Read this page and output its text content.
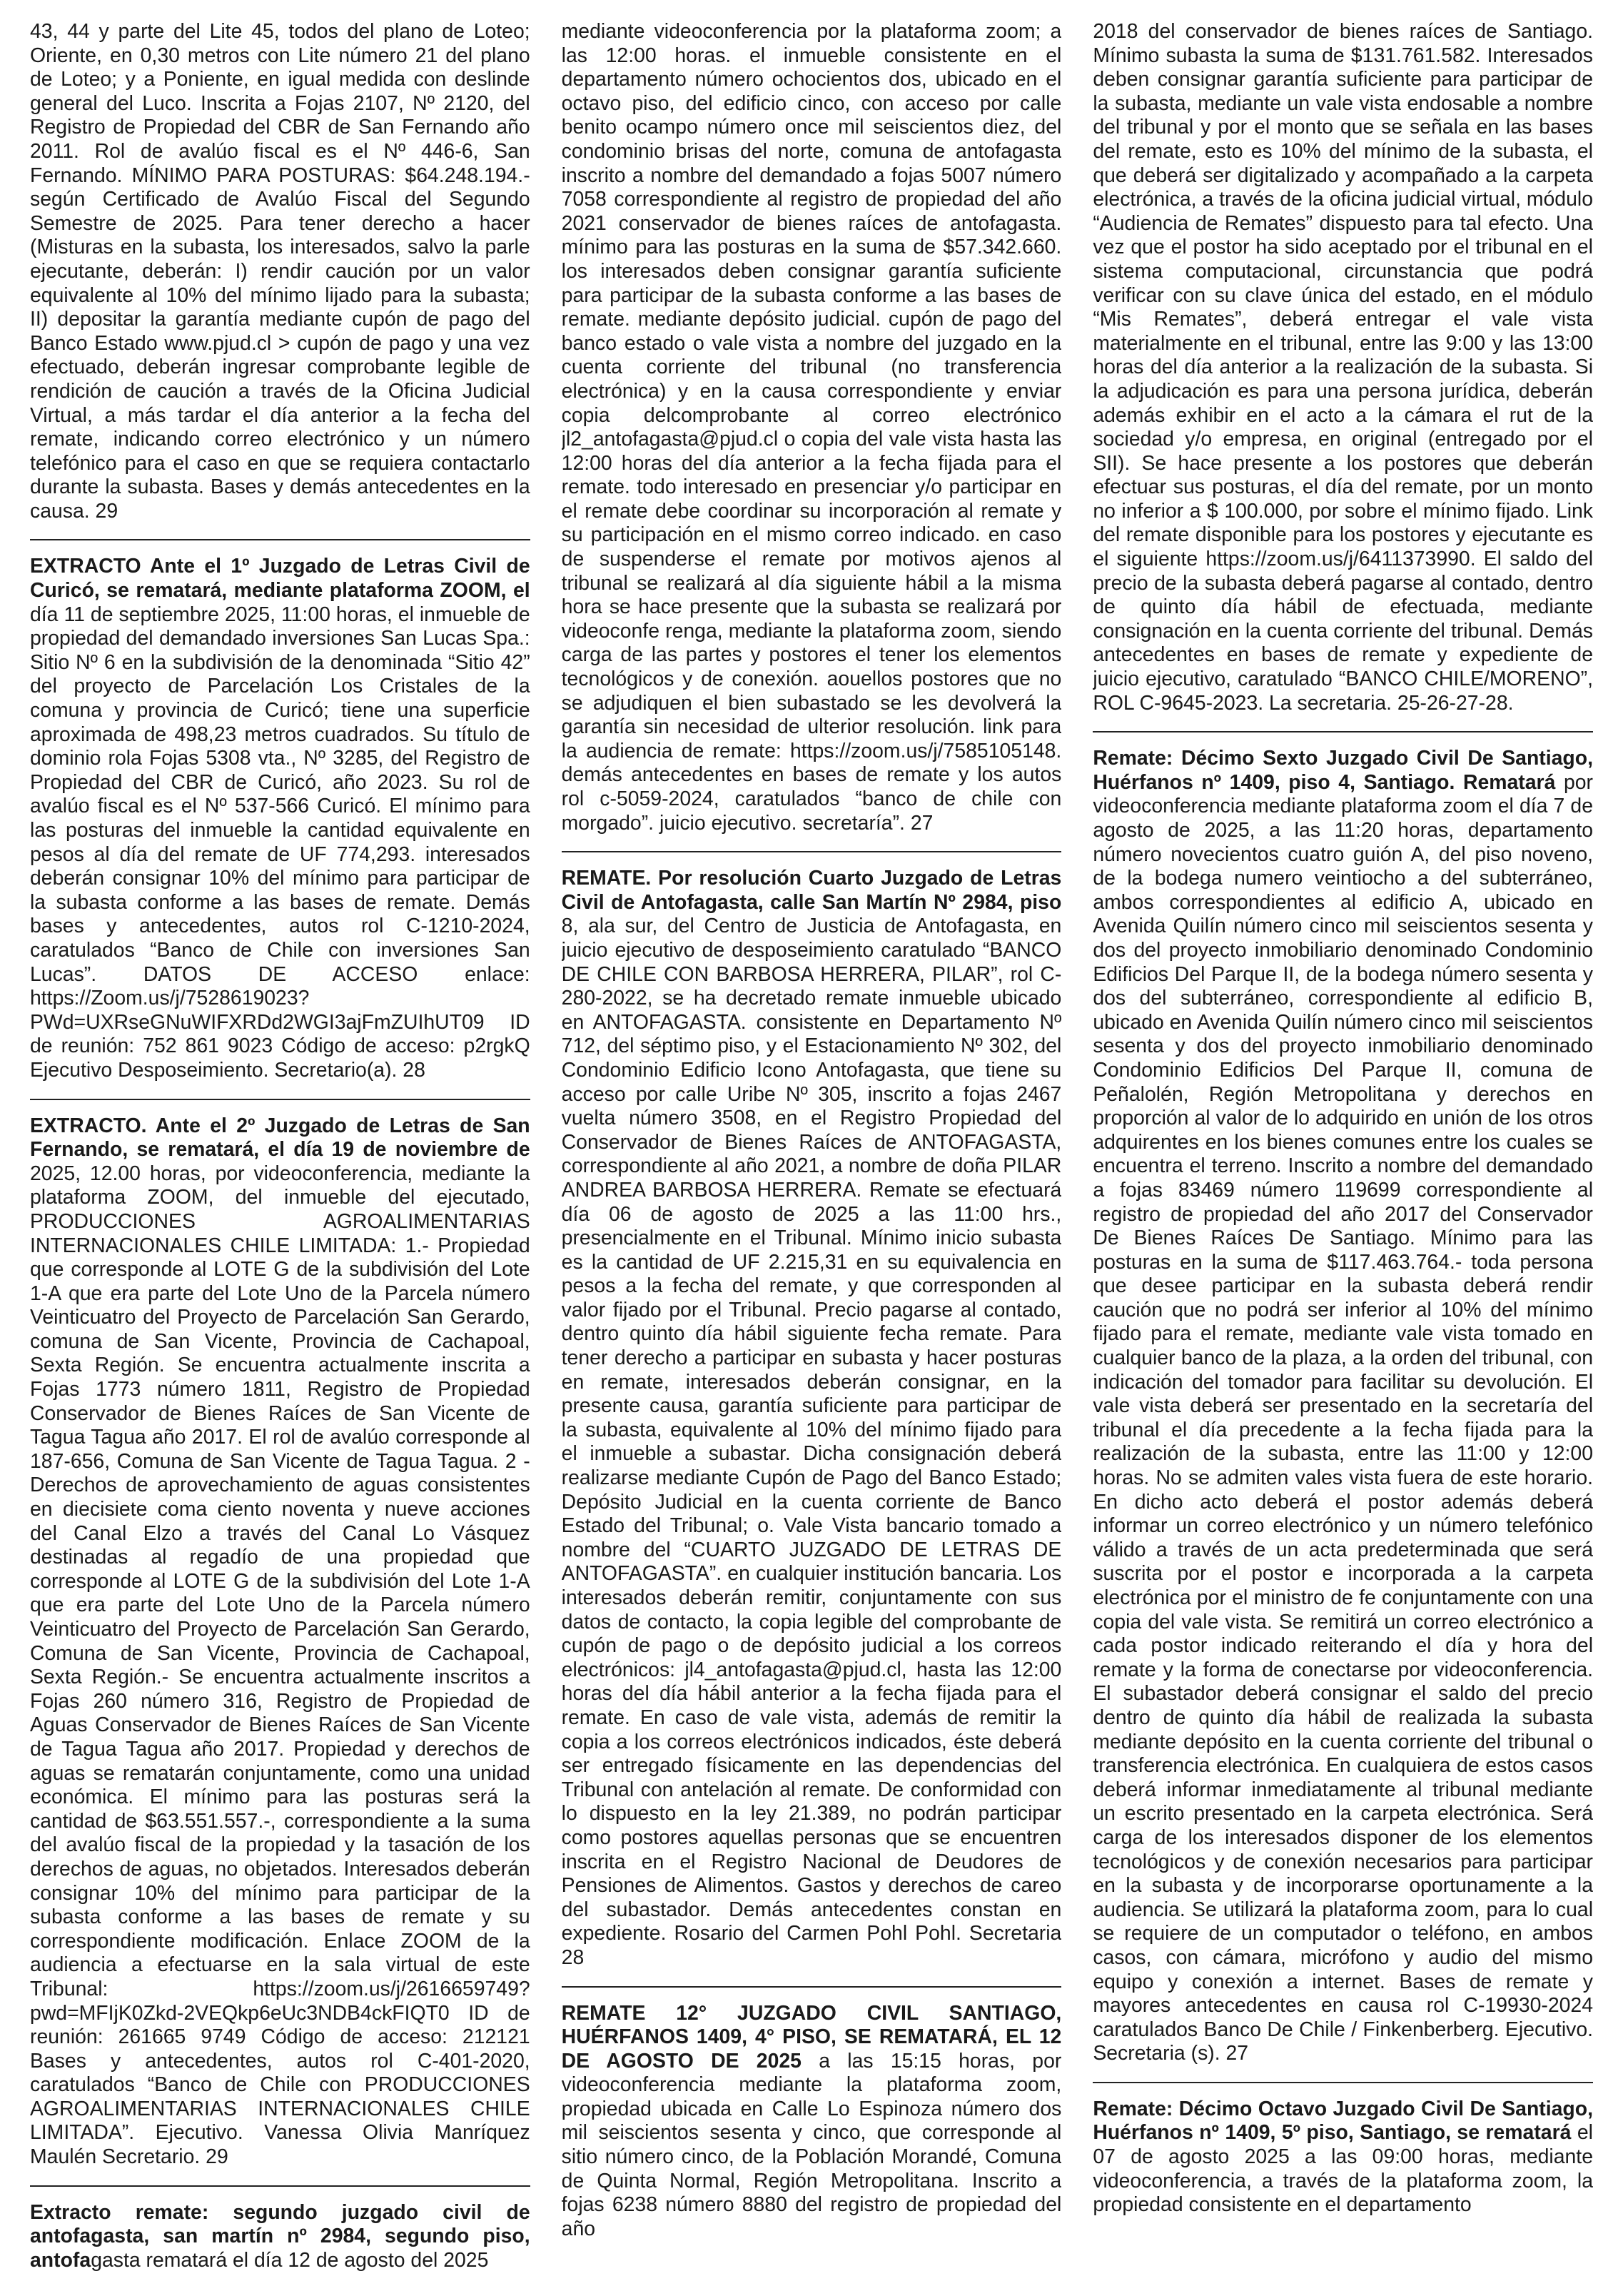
43, 44 y parte del Lite 45, todos del plano de Loteo; Oriente, en 0,30 metros con Lite número 21 del plano de Loteo; y a Poniente, en igual medida con deslinde general del Luco. Inscrita a Fojas 2107, Nº 2120, del Registro de Propiedad del CBR de San Fernando año 2011. Rol de avalúo fiscal es el Nº 446-6, San Fernando. MÍNIMO PARA POSTURAS: $64.248.194.- según Certificado de Avalúo Fiscal del Segundo Semestre de 2025. Para tener derecho a hacer (Misturas en la subasta, los interesados, salvo la parle ejecutante, deberán: I) rendir caución por un valor equivalente al 10% del mínimo lijado para la subasta; II) depositar la garantía mediante cupón de pago del Banco Estado www.pjud.cl > cupón de pago y una vez efectuado, deberán ingresar comprobante legible de rendición de caución a través de la Oficina Judicial Virtual, a más tardar el día anterior a la fecha del remate, indicando correo electrónico y un número telefónico para el caso en que se requiera contactarlo durante la subasta. Bases y demás antecedentes en la causa. 29

EXTRACTO Ante el 1º Juzgado de Letras Civil de Curicó, se rematará, mediante plataforma ZOOM, el día 11 de septiembre 2025, 11:00 horas, el inmueble de propiedad del demandado inversiones San Lucas Spa.: Sitio Nº 6 en la subdivisión de la denominada “Sitio 42” del proyecto de Parcelación Los Cristales de la comuna y provincia de Curicó; tiene una superficie aproximada de 498,23 metros cuadrados. Su título de dominio rola Fojas 5308 vta., Nº 3285, del Registro de Propiedad del CBR de Curicó, año 2023. Su rol de avalúo fiscal es el Nº 537-566 Curicó. El mínimo para las posturas del inmueble la cantidad equivalente en pesos al día del remate de UF 774,293. interesados deberán consignar 10% del mínimo para participar de la subasta conforme a las bases de remate. Demás bases y antecedentes, autos rol C-1210-2024, caratulados “Banco de Chile con inversiones San Lucas”. DATOS DE ACCESO enlace: https://Zoom.us/j/7528619023?PWd=UXRseGNuWIFXRDd2WGI3ajFmZUIhUT09 ID de reunión: 752 861 9023 Código de acceso: p2rgkQ Ejecutivo Desposeimiento. Secretario(a). 28

EXTRACTO. Ante el 2º Juzgado de Letras de San Fernando, se rematará, el día 19 de noviembre de 2025, 12.00 horas, por videoconferencia, mediante la plataforma ZOOM, del inmueble del ejecutado, PRODUCCIONES AGROALIMENTARIAS INTERNACIONALES CHILE LIMITADA: 1.- Propiedad que corresponde al LOTE G de la subdivisión del Lote 1-A que era parte del Lote Uno de la Parcela número Veinticuatro del Proyecto de Parcelación San Gerardo, comuna de San Vicente, Provincia de Cachapoal, Sexta Región. Se encuentra actualmente inscrita a Fojas 1773 número 1811, Registro de Propiedad Conservador de Bienes Raíces de San Vicente de Tagua Tagua año 2017. El rol de avalúo corresponde al 187-656, Comuna de San Vicente de Tagua Tagua. 2 - Derechos de aprovechamiento de aguas consistentes en diecisiete coma ciento noventa y nueve acciones del Canal Elzo a través del Canal Lo Vásquez destinadas al regadío de una propiedad que corresponde al LOTE G de la subdivisión del Lote 1-A que era parte del Lote Uno de la Parcela número Veinticuatro del Proyecto de Parcelación San Gerardo, Comuna de San Vicente, Provincia de Cachapoal, Sexta Región.- Se encuentra actualmente inscritos a Fojas 260 número 316, Registro de Propiedad de Aguas Conservador de Bienes Raíces de San Vicente de Tagua Tagua año 2017. Propiedad y derechos de aguas se rematarán conjuntamente, como una unidad económica. El mínimo para las posturas será la cantidad de $63.551.557.-, correspondiente a la suma del avalúo fiscal de la propiedad y la tasación de los derechos de aguas, no objetados. Interesados deberán consignar 10% del mínimo para participar de la subasta conforme a las bases de remate y su correspondiente modificación. Enlace ZOOM de la audiencia a efectuarse en la sala virtual de este Tribunal: https://zoom.us/j/2616659749?pwd=MFIjK0Zkd-2VEQkp6eUc3NDB4ckFIQT0 ID de reunión: 261665 9749 Código de acceso: 212121 Bases y antecedentes, autos rol C-401-2020, caratulados “Banco de Chile con PRODUCCIONES AGROALIMENTARIAS INTERNACIONALES CHILE LIMITADA”. Ejecutivo. Vanessa Olivia Manríquez Maulén Secretario. 29

Extracto remate: segundo juzgado civil de antofagasta, san martín nº 2984, segundo piso, antofagasta rematará el día 12 de agosto del 2025

mediante videoconferencia por la plataforma zoom; a las 12:00 horas. el inmueble consistente en el departamento número ochocientos dos, ubicado en el octavo piso, del edificio cinco, con acceso por calle benito ocampo número once mil seiscientos diez, del condominio brisas del norte, comuna de antofagasta inscrito a nombre del demandado a fojas 5007 número 7058 correspondiente al registro de propiedad del año 2021 conservador de bienes raíces de antofagasta. mínimo para las posturas en la suma de $57.342.660. los interesados deben consignar garantía suficiente para participar de la subasta conforme a las bases de remate. mediante depósito judicial. cupón de pago del banco estado o vale vista a nombre del juzgado en la cuenta corriente del tribunal (no transferencia electrónica) y en la causa correspondiente y enviar copia delcomprobante al correo electrónico jl2_antofagasta@pjud.cl o copia del vale vista hasta las 12:00 horas del día anterior a la fecha fijada para el remate. todo interesado en presenciar y/o participar en el remate debe coordinar su incorporación al remate y su participación en el mismo correo indicado. en caso de suspenderse el remate por motivos ajenos al tribunal se realizará al día siguiente hábil a la misma hora se hace presente que la subasta se realizará por videoconfe renga, mediante la plataforma zoom, siendo carga de las partes y postores el tener los elementos tecnológicos y de conexión. aouellos postores que no se adjudiquen el bien subastado se les devolverá la garantía sin necesidad de ulterior resolución. link para la audiencia de remate: https://zoom.us/j/7585105148. demás antecedentes en bases de remate y los autos rol c-5059-2024, caratulados “banco de chile con morgado”. juicio ejecutivo. secretaría”. 27

REMATE. Por resolución Cuarto Juzgado de Letras Civil de Antofagasta, calle San Martín Nº 2984, piso 8, ala sur, del Centro de Justicia de Antofagasta, en juicio ejecutivo de desposeimiento caratulado “BANCO DE CHILE CON BARBOSA HERRERA, PILAR”, rol C-280-2022, se ha decretado remate inmueble ubicado en ANTOFAGASTA. consistente en Departamento Nº 712, del séptimo piso, y el Estacionamiento Nº 302, del Condominio Edificio Icono Antofagasta, que tiene su acceso por calle Uribe Nº 305, inscrito a fojas 2467 vuelta número 3508, en el Registro Propiedad del Conservador de Bienes Raíces de ANTOFAGASTA, correspondiente al año 2021, a nombre de doña PILAR ANDREA BARBOSA HERRERA. Remate se efectuará día 06 de agosto de 2025 a las 11:00 hrs., presencialmente en el Tribunal. Mínimo inicio subasta es la cantidad de UF 2.215,31 en su equivalencia en pesos a la fecha del remate, y que corresponden al valor fijado por el Tribunal. Precio pagarse al contado, dentro quinto día hábil siguiente fecha remate. Para tener derecho a participar en subasta y hacer posturas en remate, interesados deberán consignar, en la presente causa, garantía suficiente para participar de la subasta, equivalente al 10% del mínimo fijado para el inmueble a subastar. Dicha consignación deberá realizarse mediante Cupón de Pago del Banco Estado; Depósito Judicial en la cuenta corriente de Banco Estado del Tribunal; o. Vale Vista bancario tomado a nombre del “CUARTO JUZGADO DE LETRAS DE ANTOFAGASTA”. en cualquier institución bancaria. Los interesados deberán remitir, conjuntamente con sus datos de contacto, la copia legible del comprobante de cupón de pago o de depósito judicial a los correos electrónicos: jl4_antofagasta@pjud.cl, hasta las 12:00 horas del día hábil anterior a la fecha fijada para el remate. En caso de vale vista, además de remitir la copia a los correos electrónicos indicados, éste deberá ser entregado físicamente en las dependencias del Tribunal con antelación al remate. De conformidad con lo dispuesto en la ley 21.389, no podrán participar como postores aquellas personas que se encuentren inscrita en el Registro Nacional de Deudores de Pensiones de Alimentos. Gastos y derechos de careo del subastador. Demás antecedentes constan en expediente. Rosario del Carmen Pohl Pohl. Secretaria 28

REMATE 12° JUZGADO CIVIL SANTIAGO, HUÉRFANOS 1409, 4° PISO, SE REMATARÁ, EL 12 DE AGOSTO DE 2025 a las 15:15 horas, por videoconferencia mediante la plataforma zoom, propiedad ubicada en Calle Lo Espinoza número dos mil seiscientos sesenta y cinco, que corresponde al sitio número cinco, de la Población Morandé, Comuna de Quinta Normal, Región Metropolitana. Inscrito a fojas 6238 número 8880 del registro de propiedad del año

2018 del conservador de bienes raíces de Santiago. Mínimo subasta la suma de $131.761.582. Interesados deben consignar garantía suficiente para participar de la subasta, mediante un vale vista endosable a nombre del tribunal y por el monto que se señala en las bases del remate, esto es 10% del mínimo de la subasta, el que deberá ser digitalizado y acompañado a la carpeta electrónica, a través de la oficina judicial virtual, módulo “Audiencia de Remates” dispuesto para tal efecto. Una vez que el postor ha sido aceptado por el tribunal en el sistema computacional, circunstancia que podrá verificar con su clave única del estado, en el módulo “Mis Remates”, deberá entregar el vale vista materialmente en el tribunal, entre las 9:00 y las 13:00 horas del día anterior a la realización de la subasta. Si la adjudicación es para una persona jurídica, deberán además exhibir en el acto a la cámara el rut de la sociedad y/o empresa, en original (entregado por el SII). Se hace presente a los postores que deberán efectuar sus posturas, el día del remate, por un monto no inferior a $ 100.000, por sobre el mínimo fijado. Link del remate disponible para los postores y ejecutante es el siguiente https://zoom.us/j/6411373990. El saldo del precio de la subasta deberá pagarse al contado, dentro de quinto día hábil de efectuada, mediante consignación en la cuenta corriente del tribunal. Demás antecedentes en bases de remate y expediente de juicio ejecutivo, caratulado “BANCO CHILE/MORENO”, ROL C-9645-2023. La secretaria. 25-26-27-28.

Remate: Décimo Sexto Juzgado Civil De Santiago, Huérfanos nº 1409, piso 4, Santiago. Rematará por videoconferencia mediante plataforma zoom el día 7 de agosto de 2025, a las 11:20 horas, departamento número novecientos cuatro guión A, del piso noveno, de la bodega numero veintiocho a del subterráneo, ambos correspondientes al edificio A, ubicado en Avenida Quilín número cinco mil seiscientos sesenta y dos del proyecto inmobiliario denominado Condominio Edificios Del Parque II, de la bodega número sesenta y dos del subterráneo, correspondiente al edificio B, ubicado en Avenida Quilín número cinco mil seiscientos sesenta y dos del proyecto inmobiliario denominado Condominio Edificios Del Parque II, comuna de Peñalolén, Región Metropolitana y derechos en proporción al valor de lo adquirido en unión de los otros adquirentes en los bienes comunes entre los cuales se encuentra el terreno. Inscrito a nombre del demandado a fojas 83469 número 119699 correspondiente al registro de propiedad del año 2017 del Conservador De Bienes Raíces De Santiago. Mínimo para las posturas en la suma de $117.463.764.- toda persona que desee participar en la subasta deberá rendir caución que no podrá ser inferior al 10% del mínimo fijado para el remate, mediante vale vista tomado en cualquier banco de la plaza, a la orden del tribunal, con indicación del tomador para facilitar su devolución. El vale vista deberá ser presentado en la secretaría del tribunal el día precedente a la fecha fijada para la realización de la subasta, entre las 11:00 y 12:00 horas. No se admiten vales vista fuera de este horario. En dicho acto deberá el postor además deberá informar un correo electrónico y un número telefónico válido a través de un acta predeterminada que será suscrita por el postor e incorporada a la carpeta electrónica por el ministro de fe conjuntamente con una copia del vale vista. Se remitirá un correo electrónico a cada postor indicado reiterando el día y hora del remate y la forma de conectarse por videoconferencia. El subastador deberá consignar el saldo del precio dentro de quinto día hábil de realizada la subasta mediante depósito en la cuenta corriente del tribunal o transferencia electrónica. En cualquiera de estos casos deberá informar inmediatamente al tribunal mediante un escrito presentado en la carpeta electrónica. Será carga de los interesados disponer de los elementos tecnológicos y de conexión necesarios para participar en la subasta y de incorporarse oportunamente a la audiencia. Se utilizará la plataforma zoom, para lo cual se requiere de un computador o teléfono, en ambos casos, con cámara, micrófono y audio del mismo equipo y conexión a internet. Bases de remate y mayores antecedentes en causa rol C-19930-2024 caratulados Banco De Chile / Finkenberberg. Ejecutivo. Secretaria (s). 27

Remate: Décimo Octavo Juzgado Civil De Santiago, Huérfanos nº 1409, 5º piso, Santiago, se rematará el 07 de agosto 2025 a las 09:00 horas, mediante videoconferencia, a través de la plataforma zoom, la propiedad consistente en el departamento
